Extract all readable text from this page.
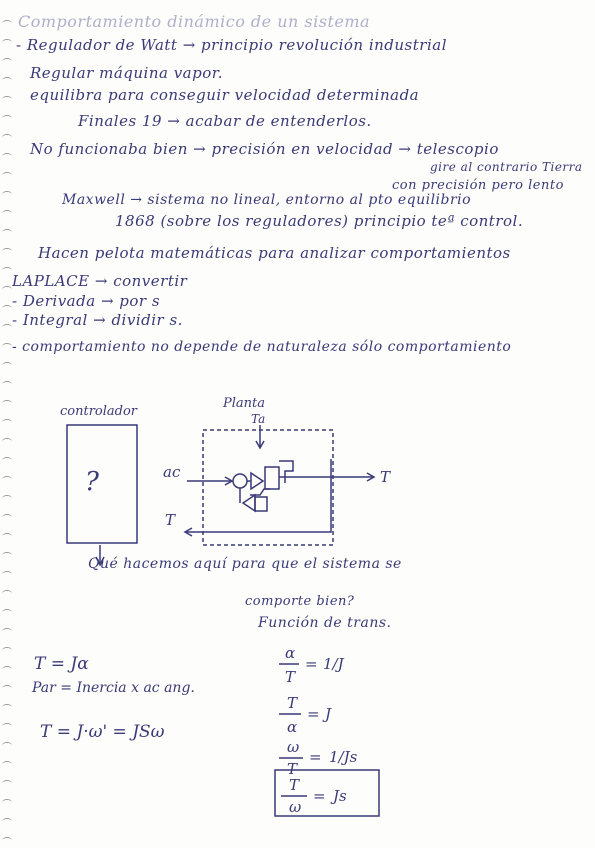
Comportamiento dinámico de un sistema
- Regulador de Watt → principio revolución industrial
Regular máquina vapor.
equilibra para conseguir velocidad determinada
Finales 19 → acabar de entenderlos.
No funcionaba bien → precisión en velocidad → telescopio
gire al contrario Tierra
con precisión pero lento
Maxwell → sistema no lineal, entorno al pto equilibrio
1868 (sobre los reguladores) principio teª control.
Hacen pelota matemáticas para analizar comportamientos
LAPLACE → convertir
- Derivada → por s
- Integral → dividir s.
- comportamiento no depende de naturaleza sólo comportamiento
controlador
?
Planta
Ta
ac	T
T
Qué hacemos aquí para que el sistema se
comporte bien?
Función de trans.
T = Jα
Par = Inercia x ac ang.
T = J·ω' = JSω
α
T
= 1/J
T
α
= J
ω
T
= 1/Js
T
ω
= Js
